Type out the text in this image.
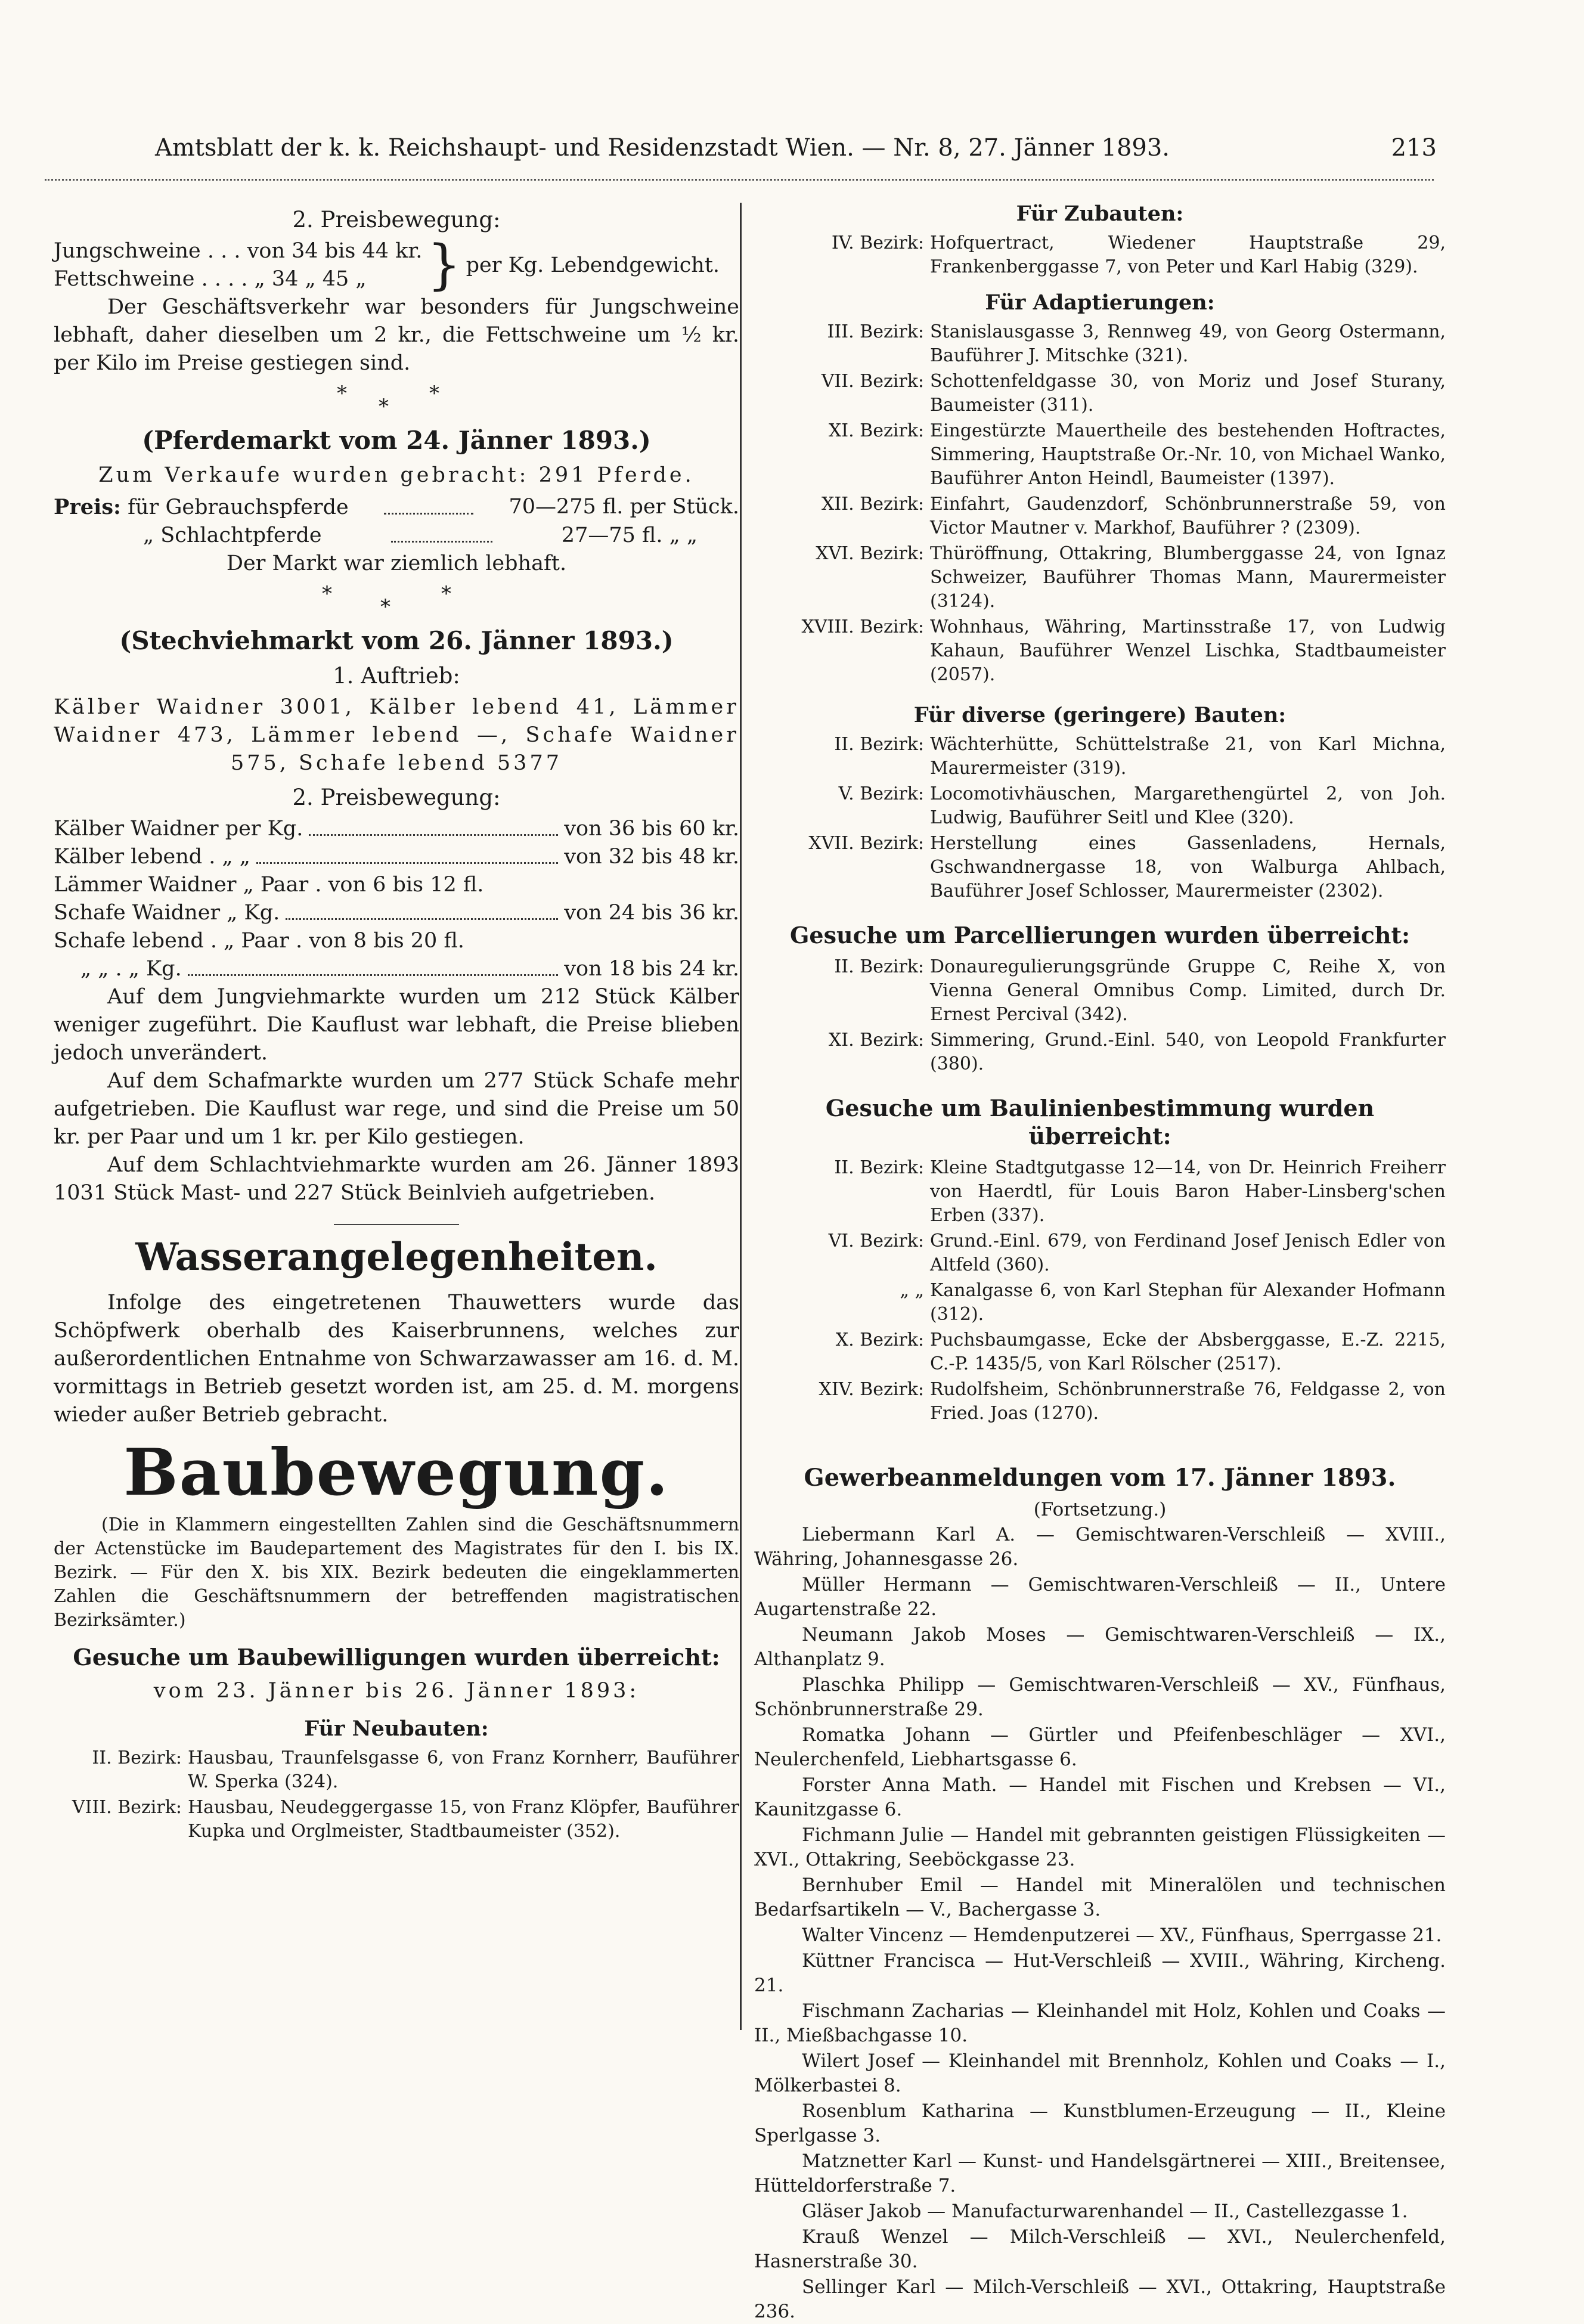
Amtsblatt der k. k. Reichshaupt- und Residenzstadt Wien. — Nr. 8, 27. Jänner 1893.	213
2. Preisbewegung:
Jungschweine . . . von 34 bis 44 kr.
Fettschweine . . . . „ 34 „ 45 „	} per Kg. Lebendgewicht.
Der Geschäftsverkehr war besonders für Jungschweine lebhaft, daher dieselben um 2 kr., die Fettschweine um ½ kr. per Kilo im Preise gestiegen sind.
*
*
*
(Pferdemarkt vom 24. Jänner 1893.)
Zum Verkaufe wurden gebracht: 291 Pferde.
Preis: für Gebrauchspferde	70—275 fl. per Stück.
„ Schlachtpferde	27—75 fl. „ „
Der Markt war ziemlich lebhaft.
*
*
*
(Stechviehmarkt vom 26. Jänner 1893.)
1. Auftrieb:
Kälber Waidner 3001, Kälber lebend 41, Lämmer Waidner 473, Lämmer lebend —, Schafe Waidner 575, Schafe lebend 5377
2. Preisbewegung:
Kälber Waidner per Kg.	von 36 bis 60 kr.
Kälber lebend . „ „	von 32 bis 48 kr.
Lämmer Waidner „ Paar . von 6 bis 12 fl.
Schafe Waidner „ Kg.	von 24 bis 36 kr.
Schafe lebend . „ Paar . von 8 bis 20 fl.
„ „ . „ Kg.	von 18 bis 24 kr.
Auf dem Jungviehmarkte wurden um 212 Stück Kälber weniger zugeführt. Die Kauflust war lebhaft, die Preise blieben jedoch unverändert.
Auf dem Schafmarkte wurden um 277 Stück Schafe mehr aufgetrieben. Die Kauflust war rege, und sind die Preise um 50 kr. per Paar und um 1 kr. per Kilo gestiegen.
Auf dem Schlachtviehmarkte wurden am 26. Jänner 1893 1031 Stück Mast- und 227 Stück Beinlvieh aufgetrieben.
Wasserangelegenheiten.
Infolge des eingetretenen Thauwetters wurde das Schöpfwerk oberhalb des Kaiserbrunnens, welches zur außerordentlichen Entnahme von Schwarzawasser am 16. d. M. vormittags in Betrieb gesetzt worden ist, am 25. d. M. morgens wieder außer Betrieb gebracht.
Baubewegung.
(Die in Klammern eingestellten Zahlen sind die Geschäftsnummern der Actenstücke im Baudepartement des Magistrates für den I. bis IX. Bezirk. — Für den X. bis XIX. Bezirk bedeuten die eingeklammerten Zahlen die Geschäftsnummern der betreffenden magistratischen Bezirksämter.)
Gesuche um Baubewilligungen wurden überreicht:
vom 23. Jänner bis 26. Jänner 1893:
Für Neubauten:
II. Bezirk: Hausbau, Traunfelsgasse 6, von Franz Kornherr, Bauführer W. Sperka (324).
VIII. Bezirk: Hausbau, Neudeggergasse 15, von Franz Klöpfer, Bauführer Kupka und Orglmeister, Stadtbaumeister (352).
Für Zubauten:
IV. Bezirk: Hofquertract, Wiedener Hauptstraße 29, Frankenberggasse 7, von Peter und Karl Habig (329).
Für Adaptierungen:
III. Bezirk: Stanislausgasse 3, Rennweg 49, von Georg Ostermann, Bauführer J. Mitschke (321).
VII. Bezirk: Schottenfeldgasse 30, von Moriz und Josef Sturany, Baumeister (311).
XI. Bezirk: Eingestürzte Mauertheile des bestehenden Hoftractes, Simmering, Hauptstraße Or.-Nr. 10, von Michael Wanko, Bauführer Anton Heindl, Baumeister (1397).
XII. Bezirk: Einfahrt, Gaudenzdorf, Schönbrunnerstraße 59, von Victor Mautner v. Markhof, Bauführer ? (2309).
XVI. Bezirk: Thüröffnung, Ottakring, Blumberggasse 24, von Ignaz Schweizer, Bauführer Thomas Mann, Maurermeister (3124).
XVIII. Bezirk: Wohnhaus, Währing, Martinsstraße 17, von Ludwig Kahaun, Bauführer Wenzel Lischka, Stadtbaumeister (2057).
Für diverse (geringere) Bauten:
II. Bezirk: Wächterhütte, Schüttelstraße 21, von Karl Michna, Maurermeister (319).
V. Bezirk: Locomotivhäuschen, Margarethengürtel 2, von Joh. Ludwig, Bauführer Seitl und Klee (320).
XVII. Bezirk: Herstellung eines Gassenladens, Hernals, Gschwandnergasse 18, von Walburga Ahlbach, Bauführer Josef Schlosser, Maurermeister (2302).
Gesuche um Parcellierungen wurden überreicht:
II. Bezirk: Donauregulierungsgründe Gruppe C, Reihe X, von Vienna General Omnibus Comp. Limited, durch Dr. Ernest Percival (342).
XI. Bezirk: Simmering, Grund.-Einl. 540, von Leopold Frankfurter (380).
Gesuche um Baulinienbestimmung wurden überreicht:
II. Bezirk: Kleine Stadtgutgasse 12—14, von Dr. Heinrich Freiherr von Haerdtl, für Louis Baron Haber-Linsberg'schen Erben (337).
VI. Bezirk: Grund.-Einl. 679, von Ferdinand Josef Jenisch Edler von Altfeld (360).
„ „ Kanalgasse 6, von Karl Stephan für Alexander Hofmann (312).
X. Bezirk: Puchsbaumgasse, Ecke der Absberggasse, E.-Z. 2215, C.-P. 1435/5, von Karl Rölscher (2517).
XIV. Bezirk: Rudolfsheim, Schönbrunnerstraße 76, Feldgasse 2, von Fried. Joas (1270).
Gewerbeanmeldungen vom 17. Jänner 1893.
(Fortsetzung.)
Liebermann Karl A. — Gemischtwaren-Verschleiß — XVIII., Währing, Johannesgasse 26.
Müller Hermann — Gemischtwaren-Verschleiß — II., Untere Augartenstraße 22.
Neumann Jakob Moses — Gemischtwaren-Verschleiß — IX., Althanplatz 9.
Plaschka Philipp — Gemischtwaren-Verschleiß — XV., Fünfhaus, Schönbrunnerstraße 29.
Romatka Johann — Gürtler und Pfeifenbeschläger — XVI., Neulerchenfeld, Liebhartsgasse 6.
Forster Anna Math. — Handel mit Fischen und Krebsen — VI., Kaunitzgasse 6.
Fichmann Julie — Handel mit gebrannten geistigen Flüssigkeiten — XVI., Ottakring, Seeböckgasse 23.
Bernhuber Emil — Handel mit Mineralölen und technischen Bedarfsartikeln — V., Bachergasse 3.
Walter Vincenz — Hemdenputzerei — XV., Fünfhaus, Sperrgasse 21.
Küttner Francisca — Hut-Verschleiß — XVIII., Währing, Kircheng. 21.
Fischmann Zacharias — Kleinhandel mit Holz, Kohlen und Coaks — II., Mießbachgasse 10.
Wilert Josef — Kleinhandel mit Brennholz, Kohlen und Coaks — I., Mölkerbastei 8.
Rosenblum Katharina — Kunstblumen-Erzeugung — II., Kleine Sperlgasse 3.
Matznetter Karl — Kunst- und Handelsgärtnerei — XIII., Breitensee, Hütteldorferstraße 7.
Gläser Jakob — Manufacturwarenhandel — II., Castellezgasse 1.
Krauß Wenzel — Milch-Verschleiß — XVI., Neulerchenfeld, Hasnerstraße 30.
Sellinger Karl — Milch-Verschleiß — XVI., Ottakring, Hauptstraße 236.
